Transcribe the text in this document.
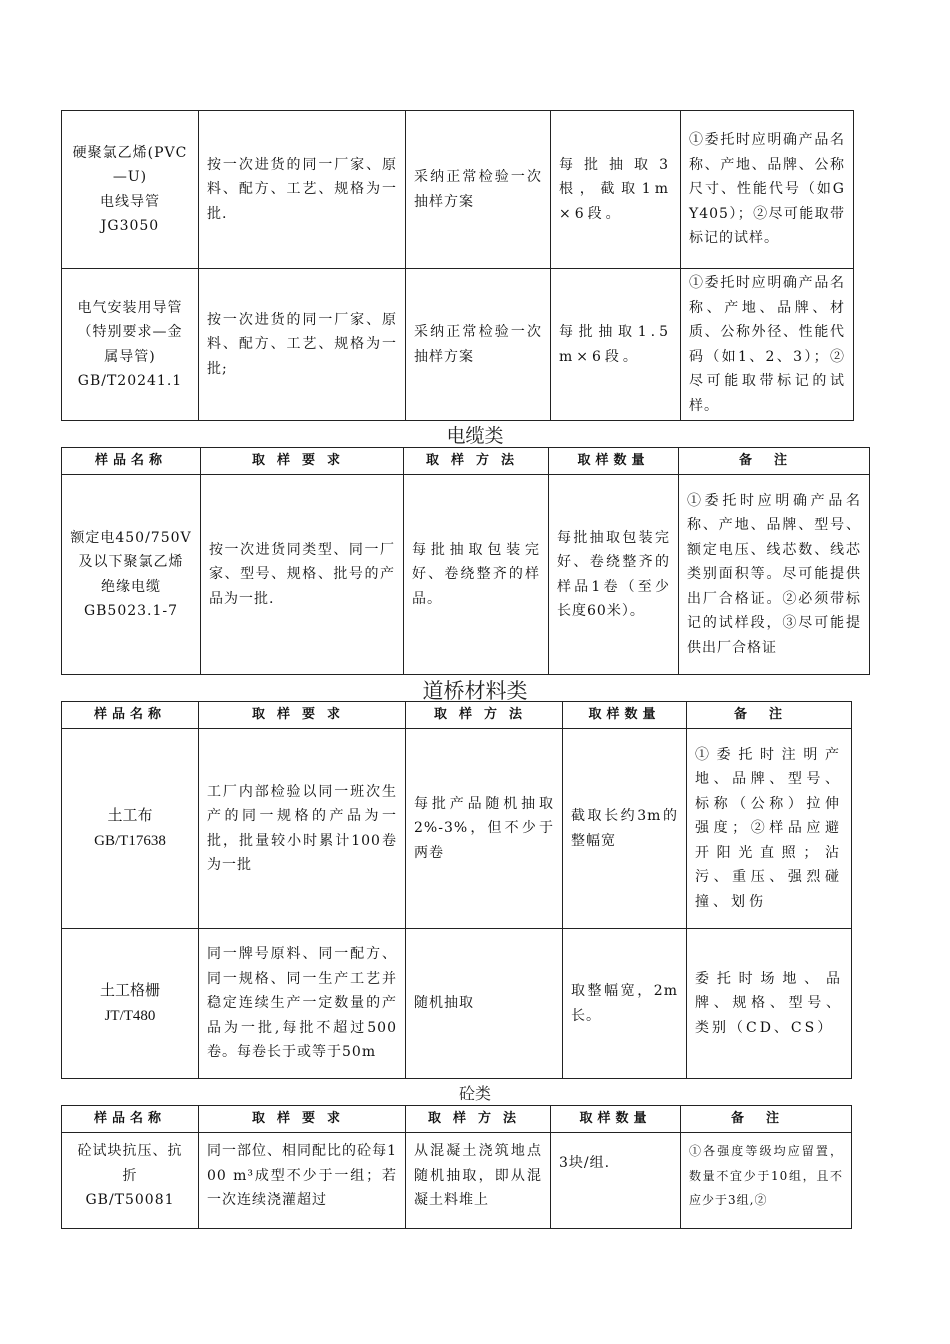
硬聚氯乙烯(PVC
—U)
电线导管
JG3050	按一次进货的同一厂家、原料、配方、工艺、规格为一批.	采纳正常检验一次抽样方案	每批抽取3根，截取1m×6段。	①委托时应明确产品名称、产地、品牌、公称尺寸、性能代号（如GY405）；②尽可能取带标记的试样。

电气安装用导管
（特别要求—金
属导管)
GB/T20241.1	按一次进货的同一厂家、原料、配方、工艺、规格为一批;	采纳正常检验一次抽样方案	每批抽取1.5m×6段。	①委托时应明确产品名称、产地、品牌、材质、公称外径、性能代码（如1、2、3）；②尽可能取带标记的试样。
电缆类
样品名称	取样要求	取样方法	取样数量	备注

额定电450/750V
及以下聚氯乙烯
绝缘电缆
GB5023.1-7	按一次进货同类型、同一厂家、型号、规格、批号的产品为一批.	每批抽取包装完好、卷绕整齐的样品。	每批抽取包装完好、卷绕整齐的样品1卷（至少长度60米）。	①委托时应明确产品名称、产地、品牌、型号、额定电压、线芯数、线芯类别面积等。尽可能提供出厂合格证。②必须带标记的试样段，③尽可能提供出厂合格证
道桥材料类
样品名称	取样要求	取样方法	取样数量	备注

土工布
GB/T17638	工厂内部检验以同一班次生产的同一规格的产品为一批，批量较小时累计100卷为一批	每批产品随机抽取2%-3%，但不少于两卷	截取长约3m的整幅宽	①委托时注明产地、品牌、型号、标称（公称）拉伸强度；②样品应避开阳光直照；沾污、重压、强烈碰撞、划伤

土工格栅
JT/T480	同一牌号原料、同一配方、同一规格、同一生产工艺并稳定连续生产一定数量的产品为一批,每批不超过500卷。每卷长于或等于50m	随机抽取	取整幅宽，2m长。	委托时场地、品牌、规格、型号、类别（CD、CS）
砼类
样品名称	取样要求	取样方法	取样数量	备注

砼试块抗压、抗
折
GB/T50081	同一部位、相同配比的砼每100 m³成型不少于一组；若一次连续浇灌超过	从混凝土浇筑地点随机抽取，即从混凝土料堆上	3块/组.	①各强度等级均应留置，数量不宜少于10组，且不应少于3组,②
